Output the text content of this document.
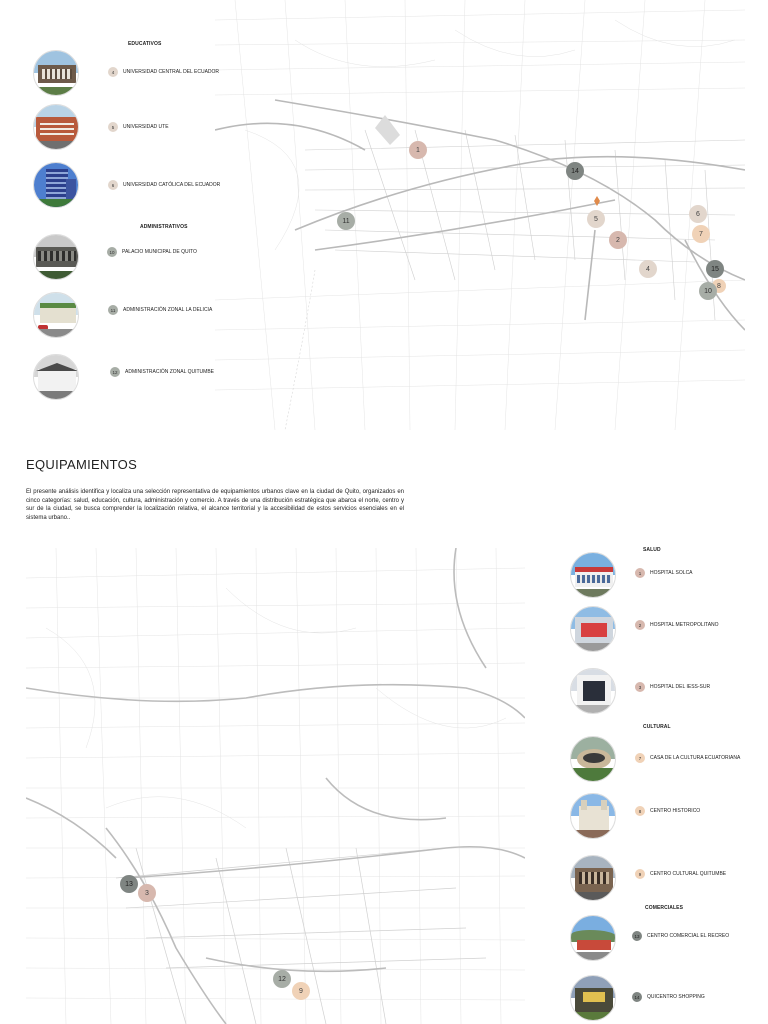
1
2
4
5
6
7
8
10
11
14
15
EDUCATIVOS
4	UNIVERSIDAD CENTRAL DEL ECUADOR
5	UNIVERSIDAD UTE
6	UNIVERSIDAD CATÓLICA DEL ECUADOR
ADMINISTRATIVOS
10	PALACIO MUNICIPAL DE QUITO
11	ADMINISTRACIÓN ZONAL LA DELICIA
12	ADMINISTRACIÓN ZONAL QUITUMBE
EQUIPAMIENTOS
El presente análisis identifica y localiza una selección representativa de equipamientos urbanos clave en la ciudad de Quito, organizados en cinco categorías: salud, educación, cultura, administración y comercio. A través de una distribución estratégica que abarca el norte, centro y sur de la ciudad, se busca comprender la localización relativa, el alcance territorial y la accesibilidad de estos servicios esenciales en el sistema urbano..
3
9
12
13
SALUD
1	HOSPITAL SOLCA
2	HOSPITAL METROPOLITANO
3	HOSPITAL DEL IESS-SUR
CULTURAL
7	CASA DE LA CULTURA ECUATORIANA
8	CENTRO HISTORICO
9	CENTRO CULTURAL QUITUMBE
COMERCIALES
13	CENTRO COMERCIAL EL RECREO
14	QUICENTRO SHOPPING
